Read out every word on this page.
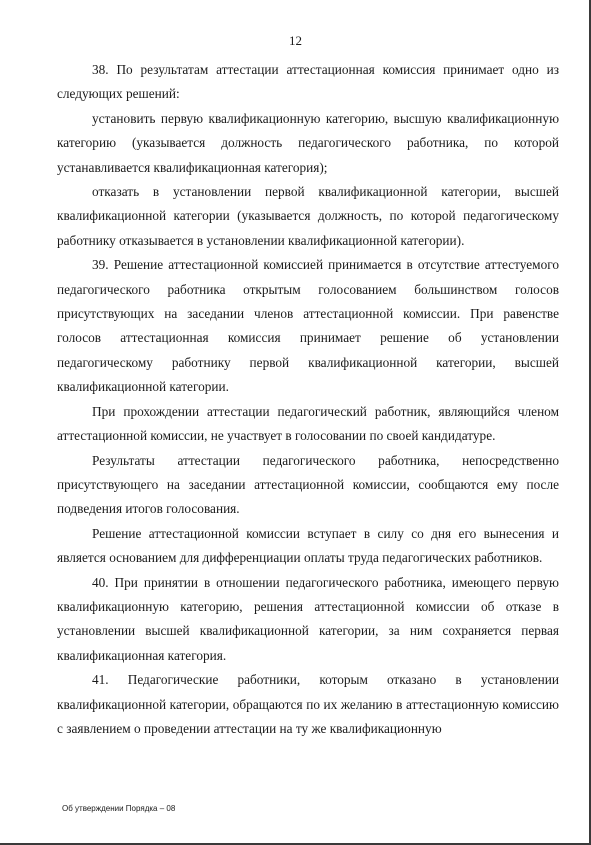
12

38. По результатам аттестации аттестационная комиссия принимает одно из следующих решений:

установить первую квалификационную категорию, высшую квалификационную категорию (указывается должность педагогического работника, по которой устанавливается квалификационная категория);

отказать в установлении первой квалификационной категории, высшей квалификационной категории (указывается должность, по которой педагогическому работнику отказывается в установлении квалификационной категории).

39. Решение аттестационной комиссией принимается в отсутствие аттестуемого педагогического работника открытым голосованием большинством голосов присутствующих на заседании членов аттестационной комиссии. При равенстве голосов аттестационная комиссия принимает решение об установлении педагогическому работнику первой квалификационной категории, высшей квалификационной категории.

При прохождении аттестации педагогический работник, являющийся членом аттестационной комиссии, не участвует в голосовании по своей кандидатуре.

Результаты аттестации педагогического работника, непосредственно присутствующего на заседании аттестационной комиссии, сообщаются ему после подведения итогов голосования.

Решение аттестационной комиссии вступает в силу со дня его вынесения и является основанием для дифференциации оплаты труда педагогических работников.

40. При принятии в отношении педагогического работника, имеющего первую квалификационную категорию, решения аттестационной комиссии об отказе в установлении высшей квалификационной категории, за ним сохраняется первая квалификационная категория.

41. Педагогические работники, которым отказано в установлении квалификационной категории, обращаются по их желанию в аттестационную комиссию с заявлением о проведении аттестации на ту же квалификационную

Об утверждении Порядка – 08
